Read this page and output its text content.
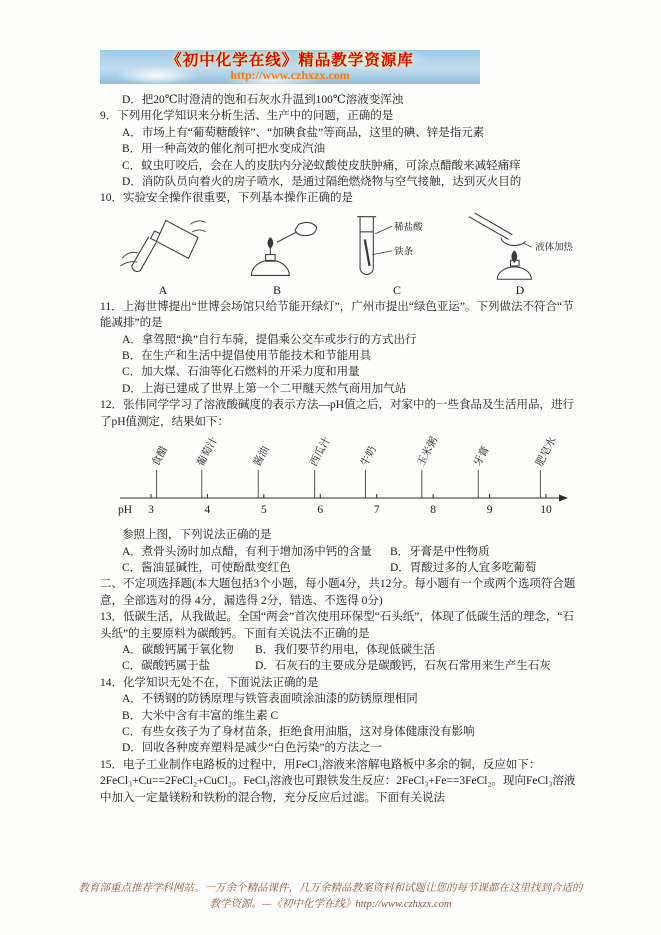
《初中化学在线》精品教学资源库
http://www.czhxzx.com

D．把20℃时澄清的饱和石灰水升温到100℃溶液变浑浊

9．下列用化学知识来分析生活、生产中的问题，正确的是

A．市场上有“葡萄糖酸锌”、“加碘食盐”等商品，这里的碘、锌是指元素

B．用一种高效的催化剂可把水变成汽油

C．蚊虫叮咬后，会在人的皮肤内分泌蚁酸使皮肤肿痛，可涂点醋酸来减轻痛痒

D．消防队员向着火的房子喷水，是通过隔绝燃烧物与空气接触，达到灭火目的

10．实验安全操作很重要，下列基本操作正确的是

A	B
稀盐酸
铁条
C
液体加热
D

11．上海世博提出“世博会场馆只给节能开绿灯”，广州市提出“绿色亚运”。下列做法不符合“节能减排”的是

A．拿驾照“换”自行车骑，提倡乘公交车或步行的方式出行

B．在生产和生活中提倡使用节能技术和节能用具

C．加大煤、石油等化石燃料的开采力度和用量

D．上海已建成了世界上第一个二甲醚天然气商用加气站

12．张伟同学学习了溶液酸碱度的表示方法—pH值之后，对家中的一些食品及生活用品，进行了pH值测定，结果如下：

pH 3	4	5	6	7	8	9	10
食醋 葡萄汁	酱油	西瓜汁	牛奶	玉米粥	牙膏	肥皂水

参照上图，下列说法正确的是

A．煮骨头汤时加点醋，有利于增加汤中钙的含量	B．牙膏是中性物质
C．酱油显碱性，可使酚酞变红色	D．胃酸过多的人宜多吃葡萄

二、不定项选择题(本大题包括3个小题，每小题4分，共12分。每小题有一个或两个选项符合题意，全部选对的得 4分，漏选得 2分，错选、不选得 0分)

13．低碳生活，从我做起。全国“两会”首次使用环保型“石头纸”，体现了低碳生活的理念，“石头纸”的主要原料为碳酸钙。下面有关说法不正确的是

A．碳酸钙属于氧化物	B．我们要节约用电，体现低碳生活
C．碳酸钙属于盐	D．石灰石的主要成分是碳酸钙，石灰石常用来生产生石灰

14．化学知识无处不在，下面说法正确的是

A．不锈钢的防锈原理与铁管表面喷涂油漆的防锈原理相同

B．大米中含有丰富的维生素 C

C．有些女孩子为了身材苗条，拒绝食用油脂，这对身体健康没有影响

D．回收各种废弃塑料是减少“白色污染”的方法之一

15．电子工业制作电路板的过程中，用FeCl₃溶液来溶解电路板中多余的铜，反应如下：2FeCl₃+Cu==2FeCl₂+CuCl₂。FeCl₃溶液也可跟铁发生反应：2FeCl₃+Fe==3FeCl₂。现向FeCl₃溶液中加入一定量镁粉和铁粉的混合物，充分反应后过滤。下面有关说法

教育部重点推荐学科网站。一万余个精品课件，几万余精品教案资料和试题让您的每节课都在这里找到合适的
教学资源。—《初中化学在线》http://www.czhxzx.com
